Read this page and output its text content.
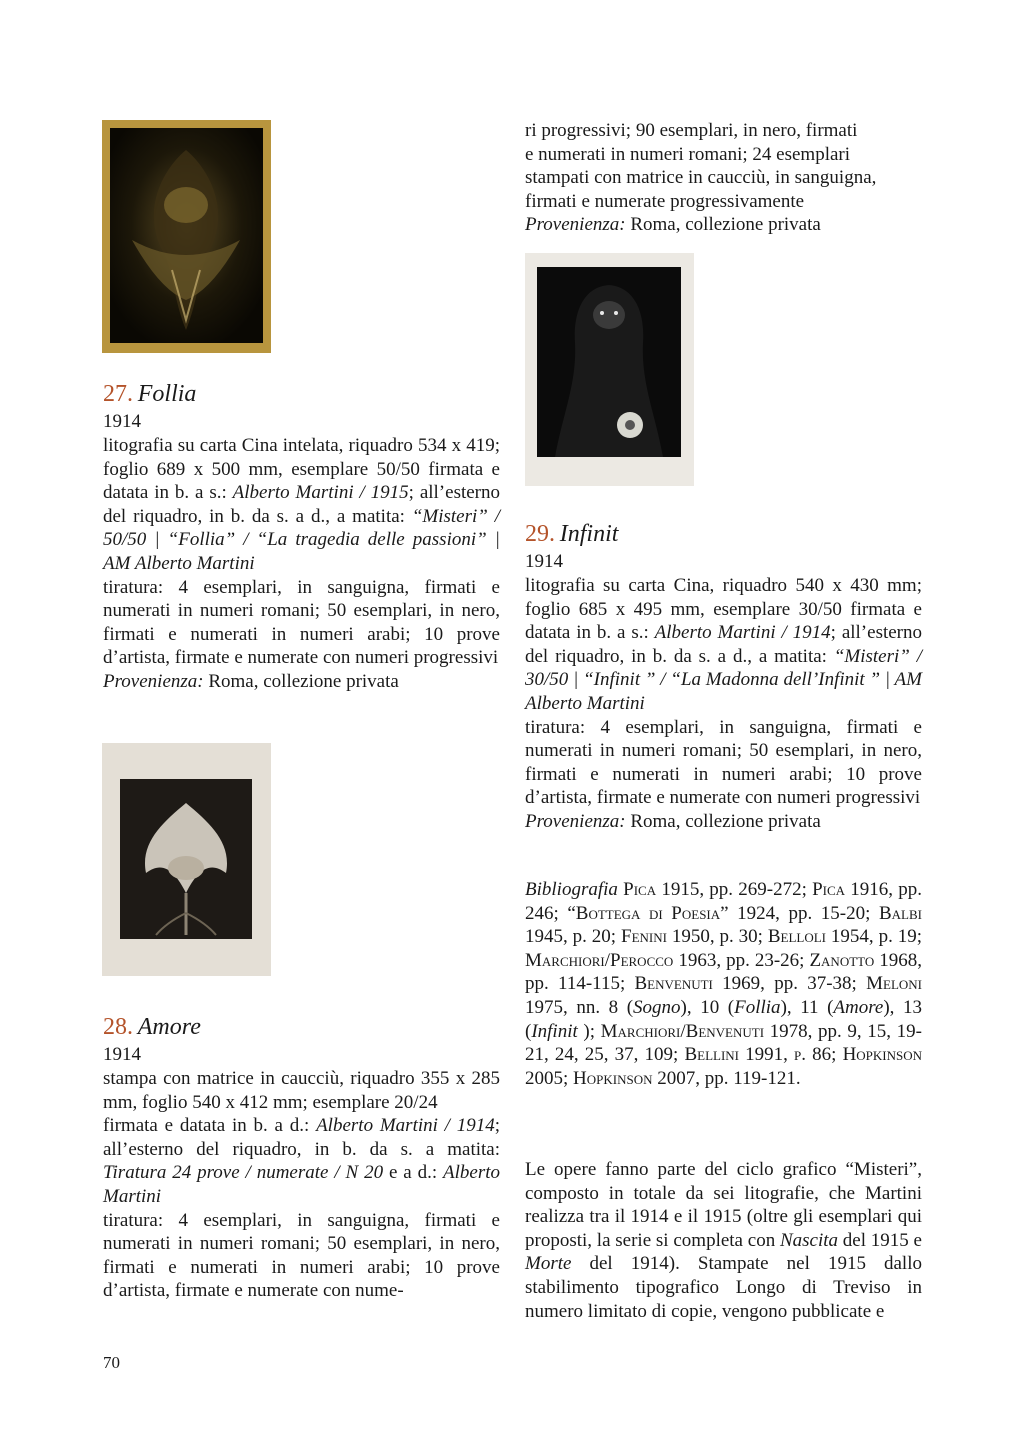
ri progressivi; 90 esemplari, in nero, firmati

e numerati in numeri romani; 24 esemplari

stampati con matrice in caucciù, in sanguigna,

firmati e numerate progressivamente

Provenienza: Roma, collezione privata

27. Follia

1914

litografia su carta Cina intelata, riquadro 534 x 419; foglio 689 x 500 mm, esemplare 50/50 firmata e datata in b. a s.: Alberto Martini / 1915; all’esterno del riquadro, in b. da s. a d., a matita: “Misteri” / 50/50 | “Follia” / “La tragedia delle passioni” | AM Alberto Martini

tiratura: 4 esemplari, in sanguigna, firmati e numerati in numeri romani; 50 esemplari, in nero, firmati e numerati in numeri arabi; 10 prove d’artista, firmate e numerate con numeri progressivi

Provenienza: Roma, collezione privata

28. Amore

1914

stampa con matrice in caucciù, riquadro 355 x 285 mm, foglio 540 x 412 mm; esemplare 20/24

firmata e datata in b. a d.: Alberto Martini / 1914; all’esterno del riquadro, in b. da s. a matita: Tiratura 24 prove / numerate / N 20 e a d.: Alberto Martini

tiratura: 4 esemplari, in sanguigna, firmati e numerati in numeri romani; 50 esemplari, in nero, firmati e numerati in numeri arabi; 10 prove d’artista, firmate e numerate con nume-

29. Infinit

1914

litografia su carta Cina, riquadro 540 x 430 mm; foglio 685 x 495 mm, esemplare 30/50 firmata e datata in b. a s.: Alberto Martini / 1914; all’esterno del riquadro, in b. da s. a d., a matita: “Misteri” / 30/50 | “Infinit ” / “La Madonna dell’Infinit ” | AM Alberto Martini

tiratura: 4 esemplari, in sanguigna, firmati e numerati in numeri romani; 50 esemplari, in nero, firmati e numerati in numeri arabi; 10 prove d’artista, firmate e numerate con numeri progressivi

Provenienza: Roma, collezione privata

Bibliografia Pica 1915, pp. 269-272; Pica 1916, pp. 246; “Bottega di Poesia” 1924, pp. 15-20; Balbi 1945, p. 20; Fenini 1950, p. 30; Belloli 1954, p. 19; Marchiori/Perocco 1963, pp. 23-26; Zanotto 1968, pp. 114-115; Benvenuti 1969, pp. 37-38; Meloni 1975, nn. 8 (Sogno), 10 (Follia), 11 (Amore), 13 (Infinit ); Marchiori/Benvenuti 1978, pp. 9, 15, 19-21, 24, 25, 37, 109; Bellini 1991, p. 86; Hopkinson 2005; Hopkinson 2007, pp. 119-121.

Le opere fanno parte del ciclo grafico “Misteri”, composto in totale da sei litografie, che Martini realizza tra il 1914 e il 1915 (oltre gli esemplari qui proposti, la serie si completa con Nascita del 1915 e Morte del 1914). Stampate nel 1915 dallo stabilimento tipografico Longo di Treviso in numero limitato di copie, vengono pubblicate e

70
